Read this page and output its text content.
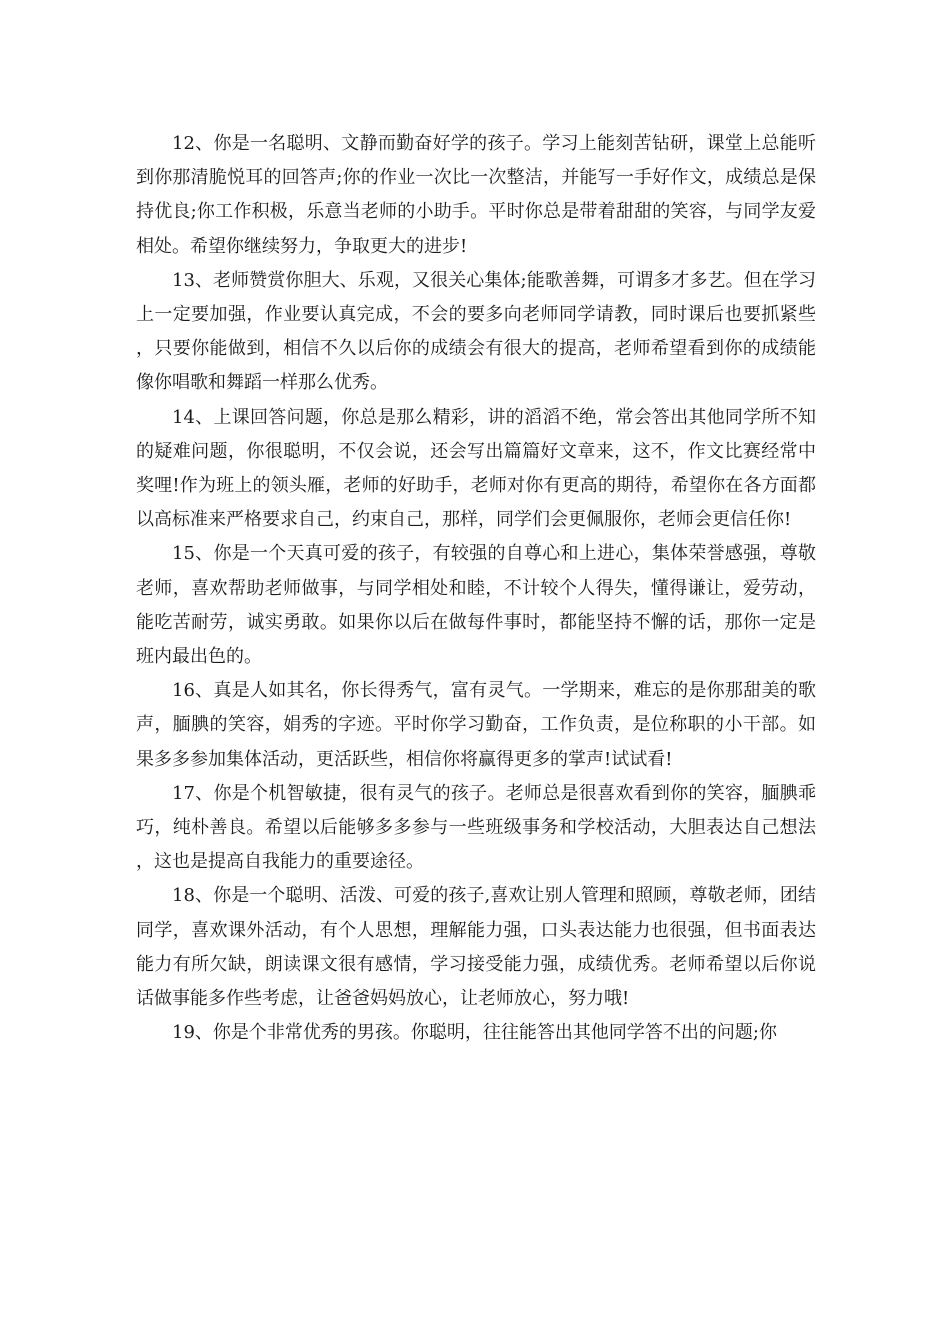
12、你是一名聪明、文静而勤奋好学的孩子。学习上能刻苦钻研，课堂上总能听到你那清脆悦耳的回答声;你的作业一次比一次整洁，并能写一手好作文，成绩总是保持优良;你工作积极，乐意当老师的小助手。平时你总是带着甜甜的笑容，与同学友爱相处。希望你继续努力，争取更大的进步!

13、老师赞赏你胆大、乐观，又很关心集体;能歌善舞，可谓多才多艺。但在学习上一定要加强，作业要认真完成，不会的要多向老师同学请教，同时课后也要抓紧些，只要你能做到，相信不久以后你的成绩会有很大的提高，老师希望看到你的成绩能像你唱歌和舞蹈一样那么优秀。

14、上课回答问题，你总是那么精彩，讲的滔滔不绝，常会答出其他同学所不知的疑难问题，你很聪明，不仅会说，还会写出篇篇好文章来，这不，作文比赛经常中奖哩!作为班上的领头雁，老师的好助手，老师对你有更高的期待，希望你在各方面都以高标准来严格要求自己，约束自己，那样，同学们会更佩服你，老师会更信任你!

15、你是一个天真可爱的孩子，有较强的自尊心和上进心，集体荣誉感强，尊敬老师，喜欢帮助老师做事，与同学相处和睦，不计较个人得失，懂得谦让，爱劳动，能吃苦耐劳，诚实勇敢。如果你以后在做每件事时，都能坚持不懈的话，那你一定是班内最出色的。

16、真是人如其名，你长得秀气，富有灵气。一学期来，难忘的是你那甜美的歌声，腼腆的笑容，娟秀的字迹。平时你学习勤奋，工作负责，是位称职的小干部。如果多多参加集体活动，更活跃些，相信你将赢得更多的掌声!试试看!

17、你是个机智敏捷，很有灵气的孩子。老师总是很喜欢看到你的笑容，腼腆乖巧，纯朴善良。希望以后能够多多参与一些班级事务和学校活动，大胆表达自己想法，这也是提高自我能力的重要途径。

18、你是一个聪明、活泼、可爱的孩子,喜欢让别人管理和照顾，尊敬老师，团结同学，喜欢课外活动，有个人思想，理解能力强，口头表达能力也很强，但书面表达能力有所欠缺，朗读课文很有感情，学习接受能力强，成绩优秀。老师希望以后你说话做事能多作些考虑，让爸爸妈妈放心，让老师放心，努力哦!

19、你是个非常优秀的男孩。你聪明，往往能答出其他同学答不出的问题;你
